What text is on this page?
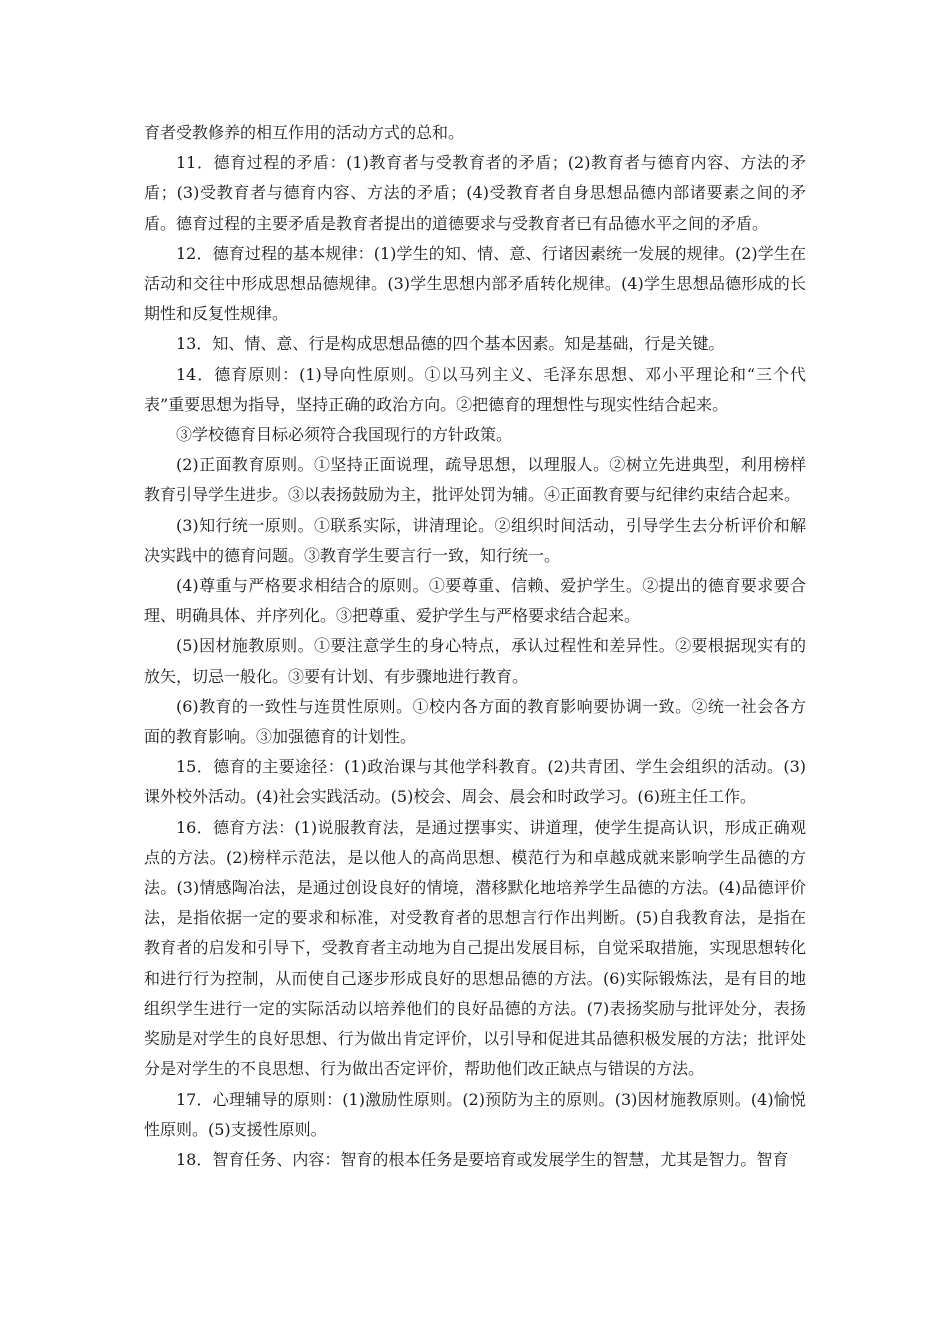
育者受教修养的相互作用的活动方式的总和。

11．德育过程的矛盾：(1)教育者与受教育者的矛盾；(2)教育者与德育内容、方法的矛盾；(3)受教育者与德育内容、方法的矛盾；(4)受教育者自身思想品德内部诸要素之间的矛盾。德育过程的主要矛盾是教育者提出的道德要求与受教育者已有品德水平之间的矛盾。

12．德育过程的基本规律：(1)学生的知、情、意、行诸因素统一发展的规律。(2)学生在活动和交往中形成思想品德规律。(3)学生思想内部矛盾转化规律。(4)学生思想品德形成的长期性和反复性规律。

13．知、情、意、行是构成思想品德的四个基本因素。知是基础，行是关键。

14．德育原则：(1)导向性原则。①以马列主义、毛泽东思想、邓小平理论和“三个代表”重要思想为指导，坚持正确的政治方向。②把德育的理想性与现实性结合起来。

③学校德育目标必须符合我国现行的方针政策。

(2)正面教育原则。①坚持正面说理，疏导思想，以理服人。②树立先进典型，利用榜样教育引导学生进步。③以表扬鼓励为主，批评处罚为辅。④正面教育要与纪律约束结合起来。

(3)知行统一原则。①联系实际，讲清理论。②组织时间活动，引导学生去分析评价和解决实践中的德育问题。③教育学生要言行一致，知行统一。

(4)尊重与严格要求相结合的原则。①要尊重、信赖、爱护学生。②提出的德育要求要合理、明确具体、并序列化。③把尊重、爱护学生与严格要求结合起来。

(5)因材施教原则。①要注意学生的身心特点，承认过程性和差异性。②要根据现实有的放矢，切忌一般化。③要有计划、有步骤地进行教育。

(6)教育的一致性与连贯性原则。①校内各方面的教育影响要协调一致。②统一社会各方面的教育影响。③加强德育的计划性。

15．德育的主要途径：(1)政治课与其他学科教育。(2)共青团、学生会组织的活动。(3)课外校外活动。(4)社会实践活动。(5)校会、周会、晨会和时政学习。(6)班主任工作。

16．德育方法：(1)说服教育法，是通过摆事实、讲道理，使学生提高认识，形成正确观点的方法。(2)榜样示范法，是以他人的高尚思想、模范行为和卓越成就来影响学生品德的方法。(3)情感陶冶法，是通过创设良好的情境，潜移默化地培养学生品德的方法。(4)品德评价法，是指依据一定的要求和标准，对受教育者的思想言行作出判断。(5)自我教育法，是指在教育者的启发和引导下，受教育者主动地为自己提出发展目标，自觉采取措施，实现思想转化和进行行为控制，从而使自己逐步形成良好的思想品德的方法。(6)实际锻炼法，是有目的地组织学生进行一定的实际活动以培养他们的良好品德的方法。(7)表扬奖励与批评处分，表扬奖励是对学生的良好思想、行为做出肯定评价，以引导和促进其品德积极发展的方法；批评处分是对学生的不良思想、行为做出否定评价，帮助他们改正缺点与错误的方法。

17．心理辅导的原则：(1)激励性原则。(2)预防为主的原则。(3)因材施教原则。(4)愉悦性原则。(5)支援性原则。

18．智育任务、内容：智育的根本任务是要培育或发展学生的智慧，尤其是智力。智育
